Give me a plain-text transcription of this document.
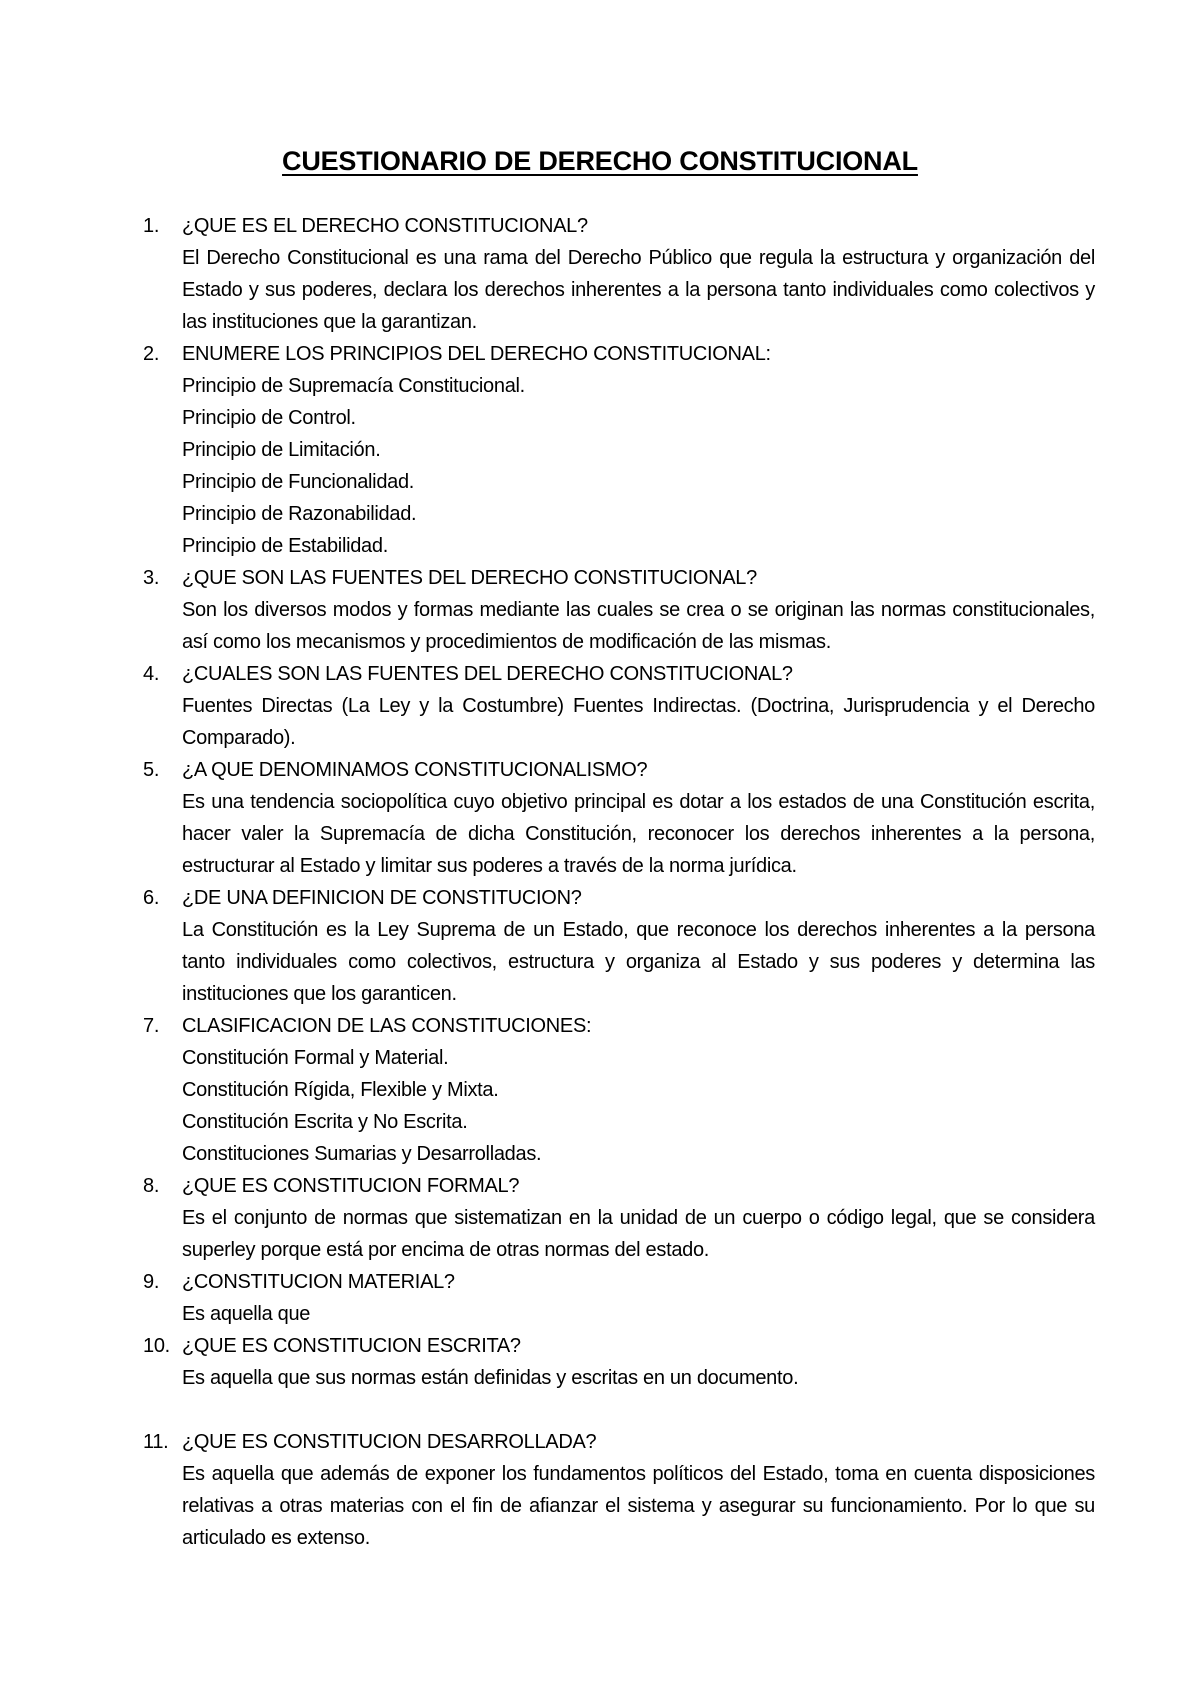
CUESTIONARIO DE DERECHO CONSTITUCIONAL
1. ¿QUE ES EL DERECHO CONSTITUCIONAL?
El Derecho Constitucional es una rama del Derecho Público que regula la estructura y organización del Estado y sus poderes, declara los derechos inherentes a la persona tanto individuales como colectivos y las instituciones que la garantizan.
2. ENUMERE LOS PRINCIPIOS DEL DERECHO CONSTITUCIONAL:
Principio de Supremacía Constitucional.
Principio de Control.
Principio de Limitación.
Principio de Funcionalidad.
Principio de Razonabilidad.
Principio de Estabilidad.
3. ¿QUE SON LAS FUENTES DEL DERECHO CONSTITUCIONAL?
Son los diversos modos y formas mediante las cuales se crea o se originan las normas constitucionales, así como los mecanismos y procedimientos de modificación de las mismas.
4. ¿CUALES SON LAS FUENTES DEL DERECHO CONSTITUCIONAL?
Fuentes Directas (La Ley y la Costumbre) Fuentes Indirectas. (Doctrina, Jurisprudencia y el Derecho Comparado).
5. ¿A QUE DENOMINAMOS CONSTITUCIONALISMO?
Es una tendencia sociopolítica cuyo objetivo principal es dotar a los estados de una Constitución escrita, hacer valer la Supremacía de dicha Constitución, reconocer los derechos inherentes a la persona, estructurar al Estado y limitar sus poderes a través de la norma jurídica.
6. ¿DE UNA DEFINICION DE CONSTITUCION?
La Constitución es la Ley Suprema de un Estado, que reconoce los derechos inherentes a la persona tanto individuales como colectivos, estructura y organiza al Estado y sus poderes y determina las instituciones que los garanticen.
7. CLASIFICACION DE LAS CONSTITUCIONES:
Constitución Formal y Material.
Constitución Rígida, Flexible y Mixta.
Constitución Escrita y No Escrita.
Constituciones Sumarias y Desarrolladas.
8. ¿QUE ES CONSTITUCION FORMAL?
Es el conjunto de normas que sistematizan en la unidad de un cuerpo o código legal, que se considera superley porque está por encima de otras normas del estado.
9. ¿CONSTITUCION MATERIAL?
Es aquella que
10. ¿QUE ES CONSTITUCION ESCRITA?
Es aquella que sus normas están definidas y escritas en un documento.
11. ¿QUE ES CONSTITUCION DESARROLLADA?
Es aquella que además de exponer los fundamentos políticos del Estado, toma en cuenta disposiciones relativas a otras materias con el fin de afianzar el sistema y asegurar su funcionamiento. Por lo que su articulado es extenso.
